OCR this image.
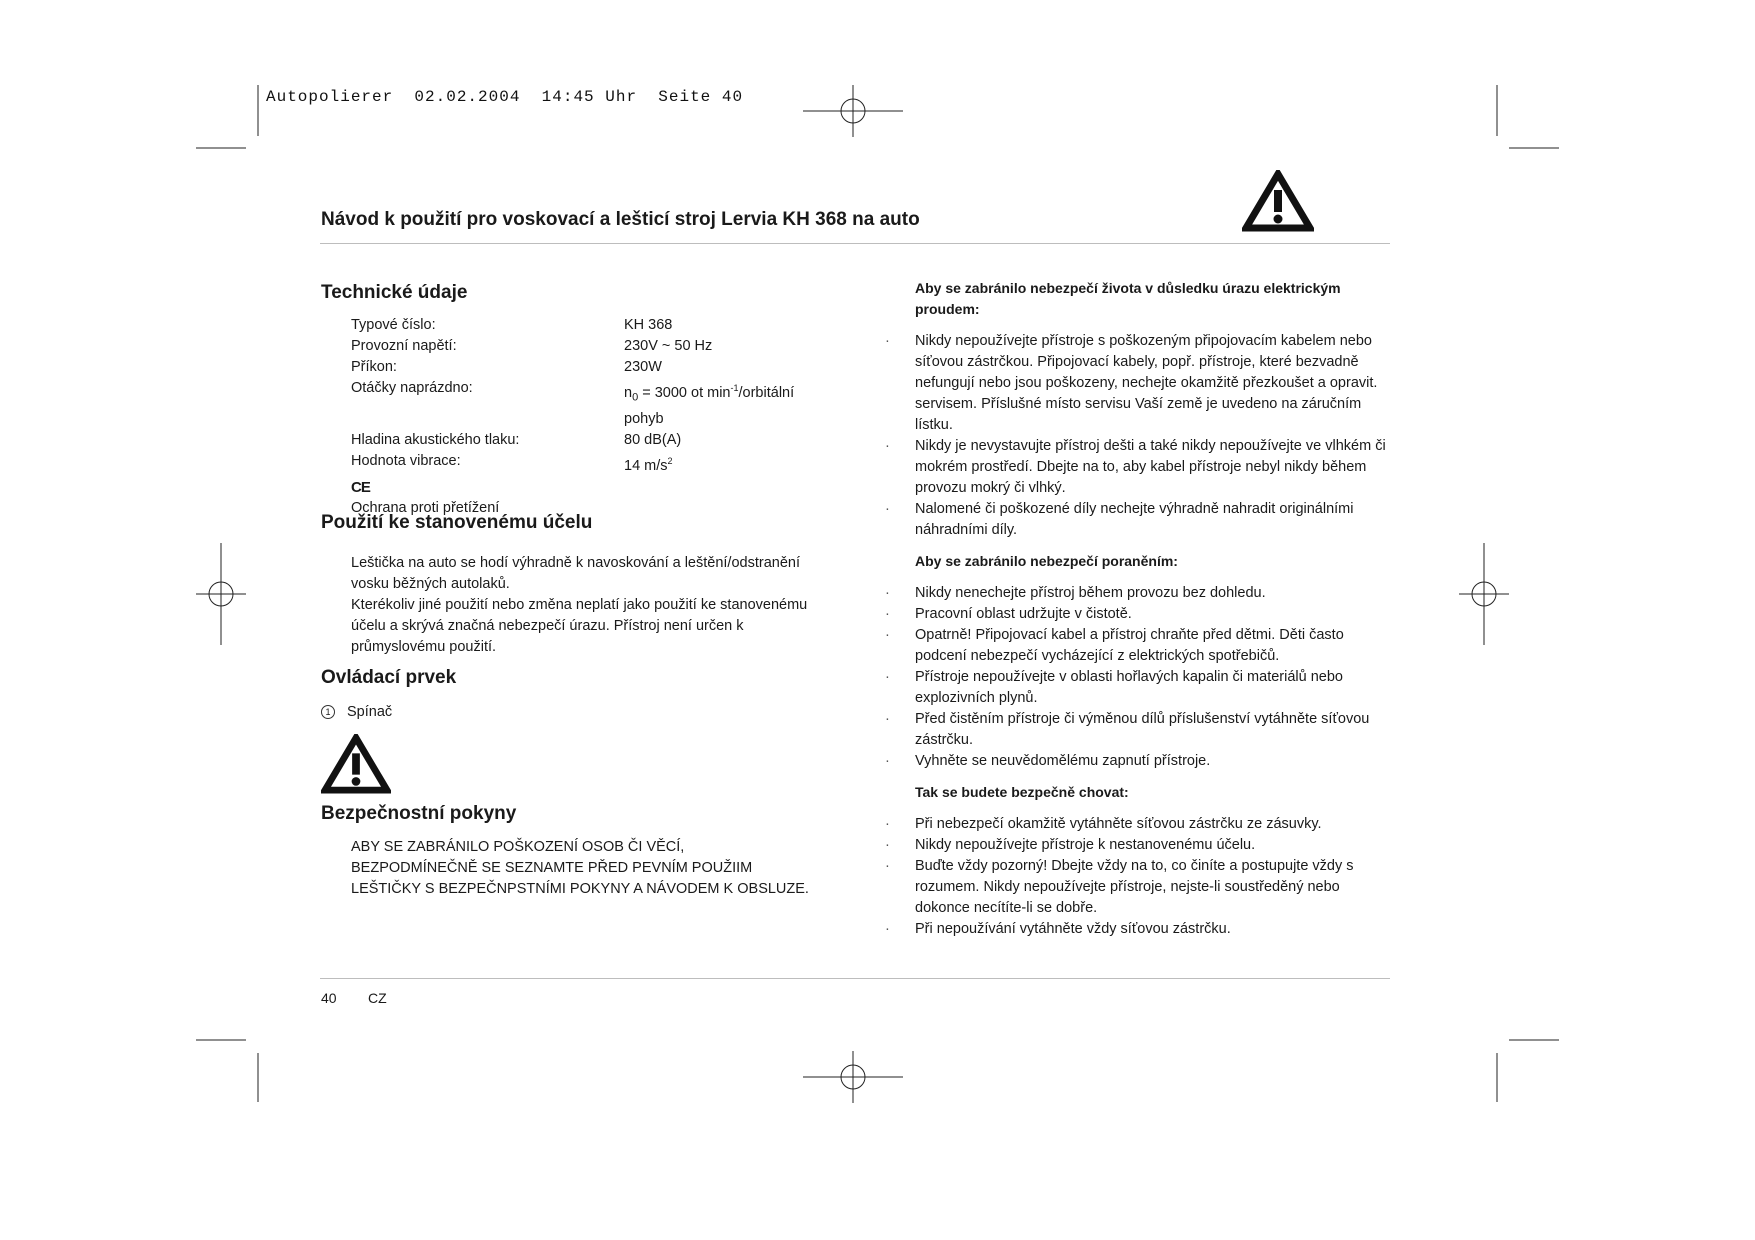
Autopolierer 02.02.2004 14:45 Uhr Seite 40
Návod k použití pro voskovací a lešticí stroj Lervia KH 368 na auto
Technické údaje
Typové číslo:	KH 368
Provozní napětí:	230V ~ 50 Hz
Příkon:	230W
Otáčky naprázdno:	$n_0 = 3000$ ot $\min^{-1}$/orbitální pohyb
Hladina akustického tlaku:	80 dB(A)
Hodnota vibrace:	14 $m/s^2$
CE
Ochrana proti přetížení
Použití ke stanovenému účelu
Leštička na auto se hodí výhradně k navoskování a leštění/odstranění vosku běžných autolaků.
Kterékoliv jiné použití nebo změna neplatí jako použití ke stanovenému účelu a skrývá značná nebezpečí úrazu. Přístroj není určen k průmyslovému použití.
Ovládací prvek
1 Spínač
Bezpečnostní pokyny
ABY SE ZABRÁNILO POŠKOZENÍ OSOB ČI VĚCÍ, BEZPODMÍNEČNĚ SE SEZNAMTE PŘED PEVNÍM POUŽIIM LEŠTIČKY S BEZPEČNPSTNÍMI POKYNY A NÁVODEM K OBSLUZE.
Aby se zabránilo nebezpečí života v důsledku úrazu elektrickým proudem:
· Nikdy nepoužívejte přístroje s poškozeným připojovacím kabelem nebo síťovou zástrčkou. Připojovací kabely, popř. přístroje, které bezvadně nefungují nebo jsou poškozeny, nechejte okamžitě přezkoušet a opravit. servisem. Příslušné místo servisu Vaší země je uvedeno na záručním lístku.
· Nikdy je nevystavujte přístroj dešti a také nikdy nepoužívejte ve vlhkém či mokrém prostředí. Dbejte na to, aby kabel přístroje nebyl nikdy během provozu mokrý či vlhký.
· Nalomené či poškozené díly nechejte výhradně nahradit originálními náhradními díly.
Aby se zabránilo nebezpečí poraněním:
· Nikdy nenechejte přístroj během provozu bez dohledu.
· Pracovní oblast udržujte v čistotě.
· Opatrně! Připojovací kabel a přístroj chraňte před dětmi. Děti často podcení nebezpečí vycházející z elektrických spotřebičů.
· Přístroje nepoužívejte v oblasti hořlavých kapalin či materiálů nebo explozivních plynů.
· Před čistěním přístroje či výměnou dílů příslušenství vytáhněte síťovou zástrčku.
· Vyhněte se neuvědomělému zapnutí přístroje.
Tak se budete bezpečně chovat:
· Při nebezpečí okamžitě vytáhněte síťovou zástrčku ze zásuvky.
· Nikdy nepoužívejte přístroje k nestanovenému účelu.
· Buďte vždy pozorný! Dbejte vždy na to, co činíte a postupujte vždy s rozumem. Nikdy nepoužívejte přístroje, nejste-li soustředěný nebo dokonce necítíte-li se dobře.
· Při nepoužívání vytáhněte vždy síťovou zástrčku.
40 CZ
